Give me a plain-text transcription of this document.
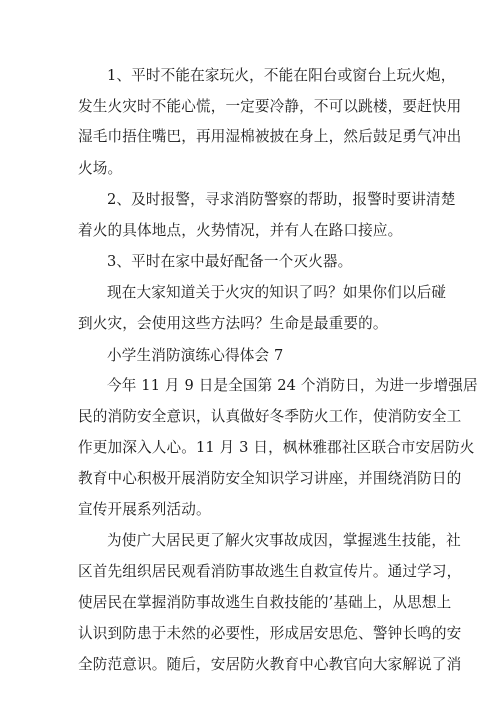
1、平时不能在家玩火，不能在阳台或窗台上玩火炮，
发生火灾时不能心慌，一定要冷静，不可以跳楼，要赶快用
湿毛巾捂住嘴巴，再用湿棉被披在身上，然后鼓足勇气冲出
火场。
2、及时报警，寻求消防警察的帮助，报警时要讲清楚
着火的具体地点，火势情况，并有人在路口接应。
3、平时在家中最好配备一个灭火器。
现在大家知道关于火灾的知识了吗？如果你们以后碰
到火灾，会使用这些方法吗？生命是最重要的。
小学生消防演练心得体会 7
今年 11 月 9 日是全国第 24 个消防日，为进一步增强居
民的消防安全意识，认真做好冬季防火工作，使消防安全工
作更加深入人心。11 月 3 日，枫林雅郡社区联合市安居防火
教育中心积极开展消防安全知识学习讲座，并围绕消防日的
宣传开展系列活动。
为使广大居民更了解火灾事故成因，掌握逃生技能，社
区首先组织居民观看消防事故逃生自救宣传片。通过学习，
使居民在掌握消防事故逃生自救技能的’基础上，从思想上
认识到防患于未然的必要性，形成居安思危、警钟长鸣的安
全防范意识。随后，安居防火教育中心教官向大家解说了消
